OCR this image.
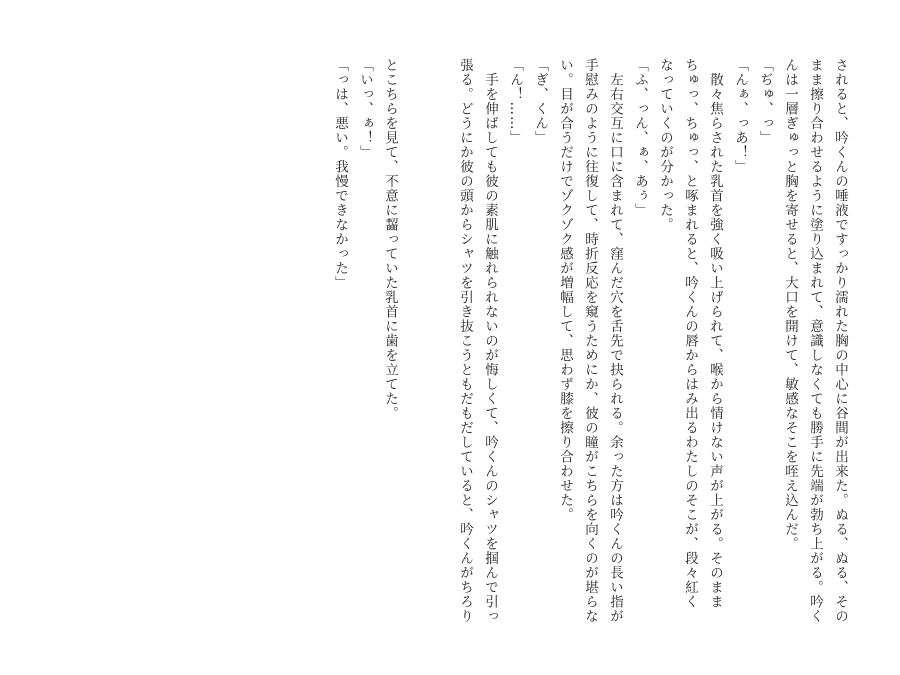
されると、吟くんの唾液ですっかり濡れた胸の中心に谷間が出来た。ぬる、ぬる、その
まま擦り合わせるように塗り込まれて、意識しなくても勝手に先端が勃ち上がる。吟く
んは一層ぎゅっと胸を寄せると、大口を開けて、敏感なそこを咥え込んだ。
「ぢゅ、っ」
「んぁ、っあ！」
　散々焦らされた乳首を強く吸い上げられて、喉から情けない声が上がる。そのまま
ちゅっ、ちゅっ、と啄まれると、吟くんの唇からはみ出るわたしのそこが、段々紅く
なっていくのが分かった。
「ふ、っん、ぁ、あぅ」
　左右交互に口に含まれて、窪んだ穴を舌先で抉られる。余った方は吟くんの長い指が
手慰みのように往復して、時折反応を窺うためにか、彼の瞳がこちらを向くのが堪らな
い。目が合うだけでゾクゾク感が増幅して、思わず膝を擦り合わせた。
「ぎ、くん」
「ん！……」
　手を伸ばしても彼の素肌に触れられないのが悔しくて、吟くんのシャツを掴んで引っ
張る。どうにか彼の頭からシャツを引き抜こうともだもだしていると、吟くんがちろり
とこちらを見て、不意に齧っていた乳首に歯を立てた。
「いっ、ぁ！」
「っは、悪い。我慢できなかった」
